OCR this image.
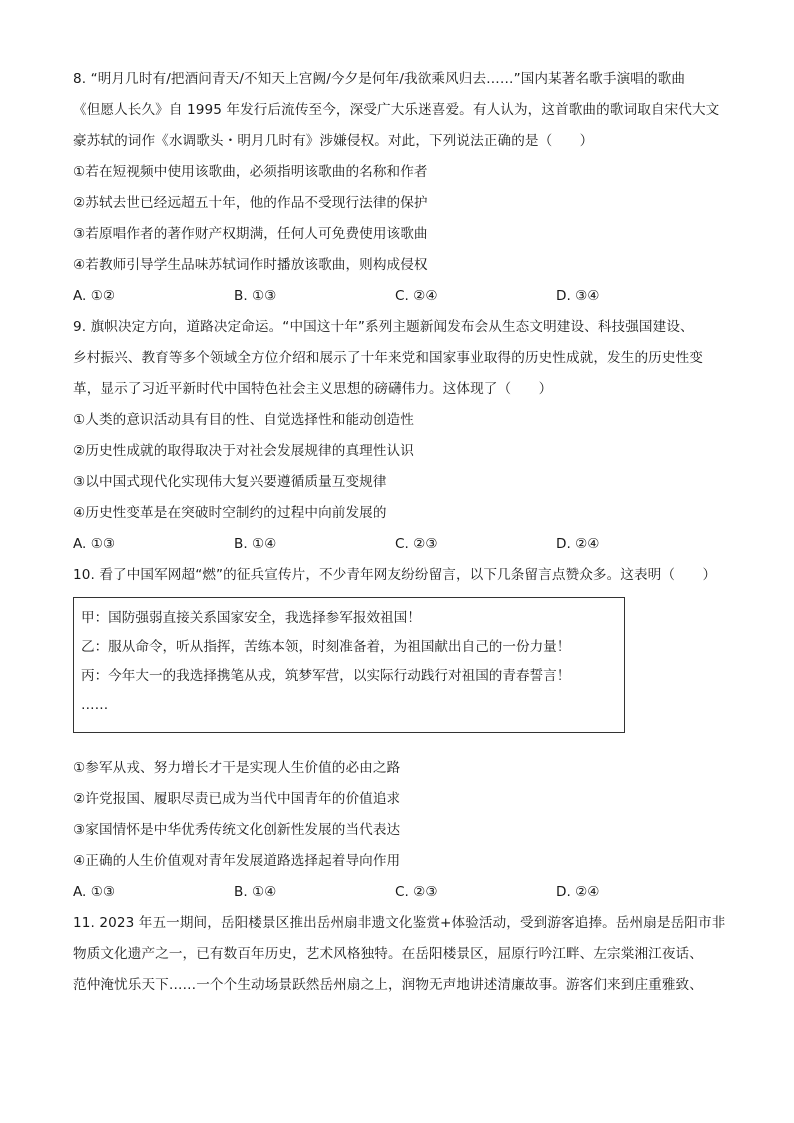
8. “明月几时有/把酒问青天/不知天上宫阙/今夕是何年/我欲乘风归去……”国内某著名歌手演唱的歌曲
《但愿人长久》自 1995 年发行后流传至今，深受广大乐迷喜爱。有人认为，这首歌曲的歌词取自宋代大文
豪苏轼的词作《水调歌头・明月几时有》涉嫌侵权。对此，下列说法正确的是（　　）
①若在短视频中使用该歌曲，必须指明该歌曲的名称和作者
②苏轼去世已经远超五十年，他的作品不受现行法律的保护
③若原唱作者的著作财产权期满，任何人可免费使用该歌曲
④若教师引导学生品味苏轼词作时播放该歌曲，则构成侵权
A. ①②	B. ①③	C. ②④	D. ③④
9. 旗帜决定方向，道路决定命运。“中国这十年”系列主题新闻发布会从生态文明建设、科技强国建设、
乡村振兴、教育等多个领域全方位介绍和展示了十年来党和国家事业取得的历史性成就，发生的历史性变
革，显示了习近平新时代中国特色社会主义思想的磅礴伟力。这体现了（　　）
①人类的意识活动具有目的性、自觉选择性和能动创造性
②历史性成就的取得取决于对社会发展规律的真理性认识
③以中国式现代化实现伟大复兴要遵循质量互变规律
④历史性变革是在突破时空制约的过程中向前发展的
A. ①③	B. ①④	C. ②③	D. ②④
10. 看了中国军网超“燃”的征兵宣传片，不少青年网友纷纷留言，以下几条留言点赞众多。这表明（　　）
甲：国防强弱直接关系国家安全，我选择参军报效祖国！
乙：服从命令，听从指挥，苦练本领，时刻准备着，为祖国献出自己的一份力量！
丙：今年大一的我选择携笔从戎，筑梦军营，以实际行动践行对祖国的青春誓言！
……
①参军从戎、努力增长才干是实现人生价值的必由之路
②许党报国、履职尽责已成为当代中国青年的价值追求
③家国情怀是中华优秀传统文化创新性发展的当代表达
④正确的人生价值观对青年发展道路选择起着导向作用
A. ①③	B. ①④	C. ②③	D. ②④
11. 2023 年五一期间，岳阳楼景区推出岳州扇非遗文化鉴赏+体验活动，受到游客追捧。岳州扇是岳阳市非
物质文化遗产之一，已有数百年历史，艺术风格独特。在岳阳楼景区，屈原行吟江畔、左宗棠湘江夜话、
范仲淹忧乐天下……一个个生动场景跃然岳州扇之上，润物无声地讲述清廉故事。游客们来到庄重雅致、
